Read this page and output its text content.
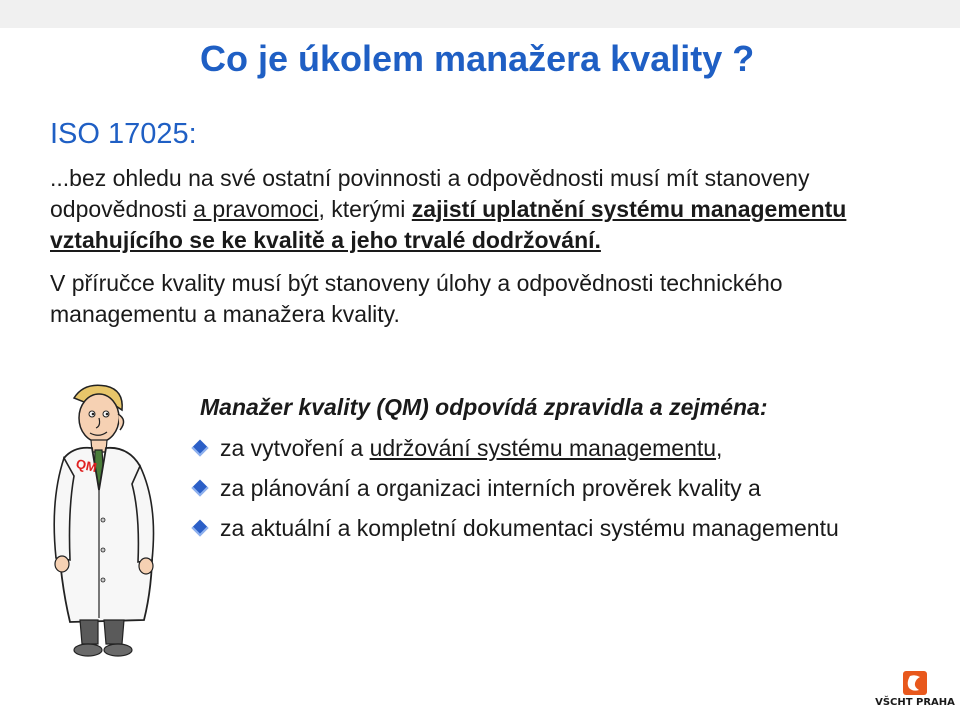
Co je úkolem manažera kvality ?
ISO 17025:
...bez ohledu na své ostatní povinnosti a odpovědnosti musí mít stanoveny odpovědnosti a pravomoci, kterými zajistí uplatnění systému managementu vztahujícího se ke kvalitě a jeho trvalé dodržování.
V příručce kvality musí být stanoveny úlohy a odpovědnosti technického managementu a manažera kvality.
QM
Manažer kvality (QM) odpovídá zpravidla a zejména:
za vytvoření a udržování systému managementu,
za plánování a organizaci interních prověrek kvality a
za aktuální a kompletní dokumentaci systému managementu
VŠCHT PRAHA
